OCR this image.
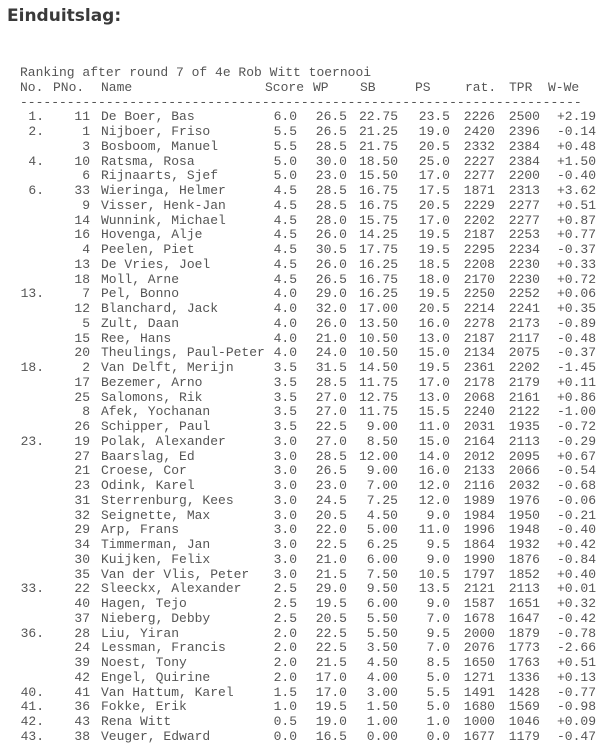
Einduitslag:
Ranking after round 7 of 4e Rob Witt toernooi
No. PNo.	Name	Score WP	SB	PS	rat. TPR	W-We
------------------------------------------------------------------------
1.	11 De Boer, Bas	6.0	26.5 22.75	23.5	2226	2500	+2.19
2.	1 Nijboer, Friso	5.5	26.5 21.25	19.0	2420	2396	-0.14
3 Bosboom, Manuel	5.5	28.5 21.75	20.5	2332	2384	+0.48
4.	10 Ratsma, Rosa	5.0	30.0 18.50	25.0	2227	2384	+1.50
6 Rijnaarts, Sjef	5.0	23.0 15.50	17.0	2277	2200	-0.40
6.	33 Wieringa, Helmer	4.5	28.5 16.75	17.5	1871	2313	+3.62
9 Visser, Henk-Jan	4.5	28.5 16.75	20.5	2229	2277	+0.51
14 Wunnink, Michael	4.5	28.0 15.75	17.0	2202	2277	+0.87
16 Hovenga, Alje	4.5	26.0 14.25	19.5	2187	2253	+0.77
4 Peelen, Piet	4.5	30.5 17.75	19.5	2295	2234	-0.37
13 De Vries, Joel	4.5	26.0 16.25	18.5	2208	2230	+0.33
18 Moll, Arne	4.5	26.5 16.75	18.0	2170	2230	+0.72
13.	7 Pel, Bonno	4.0	29.0 16.25	19.5	2250	2252	+0.06
12 Blanchard, Jack	4.0	32.0 17.00	20.5	2214	2241	+0.35
5 Zult, Daan	4.0	26.0 13.50	16.0	2278	2173	-0.89
15 Ree, Hans	4.0	21.0 10.50	13.0	2187	2117	-0.48
20 Theulings, Paul-Peter 4.0	24.0 10.50	15.0	2134	2075	-0.37
18.	2 Van Delft, Merijn	3.5	31.5 14.50	19.5	2361	2202	-1.45
17 Bezemer, Arno	3.5	28.5 11.75	17.0	2178	2179	+0.11
25 Salomons, Rik	3.5	27.0 12.75	13.0	2068	2161	+0.86
8 Afek, Yochanan	3.5	27.0 11.75	15.5	2240	2122	-1.00
26 Schipper, Paul	3.5	22.5	9.00	11.0	2031	1935	-0.72
23.	19 Polak, Alexander	3.0	27.0	8.50	15.0	2164	2113	-0.29
27 Baarslag, Ed	3.0	28.5 12.00	14.0	2012	2095	+0.67
21 Croese, Cor	3.0	26.5	9.00	16.0	2133	2066	-0.54
23 Odink, Karel	3.0	23.0	7.00	12.0	2116	2032	-0.68
31 Sterrenburg, Kees	3.0	24.5	7.25	12.0	1989	1976	-0.06
32 Seignette, Max	3.0	20.5	4.50	9.0	1984	1950	-0.21
29 Arp, Frans	3.0	22.0	5.00	11.0	1996	1948	-0.40
34 Timmerman, Jan	3.0	22.5	6.25	9.5	1864	1932	+0.42
30 Kuijken, Felix	3.0	21.0	6.00	9.0	1990	1876	-0.84
35 Van der Vlis, Peter	3.0	21.5	7.50	10.5	1797	1852	+0.40
33.	22 Sleeckx, Alexander	2.5	29.0	9.50	13.5	2121	2113	+0.01
40 Hagen, Tejo	2.5	19.5	6.00	9.0	1587	1651	+0.32
37 Nieberg, Debby	2.5	20.5	5.50	7.0	1678	1647	-0.42
36.	28 Liu, Yiran	2.0	22.5	5.50	9.5	2000	1879	-0.78
24 Lessman, Francis	2.0	22.5	3.50	7.0	2076	1773	-2.66
39 Noest, Tony	2.0	21.5	4.50	8.5	1650	1763	+0.51
42 Engel, Quirine	2.0	17.0	4.00	5.0	1271	1336	+0.13
40.	41 Van Hattum, Karel	1.5	17.0	3.00	5.5	1491	1428	-0.77
41.	36 Fokke, Erik	1.0	19.5	1.50	5.0	1680	1569	-0.98
42.	43 Rena Witt	0.5	19.0	1.00	1.0	1000	1046	+0.09
43.	38 Veuger, Edward	0.0	16.5	0.00	0.0	1677	1179	-0.47
